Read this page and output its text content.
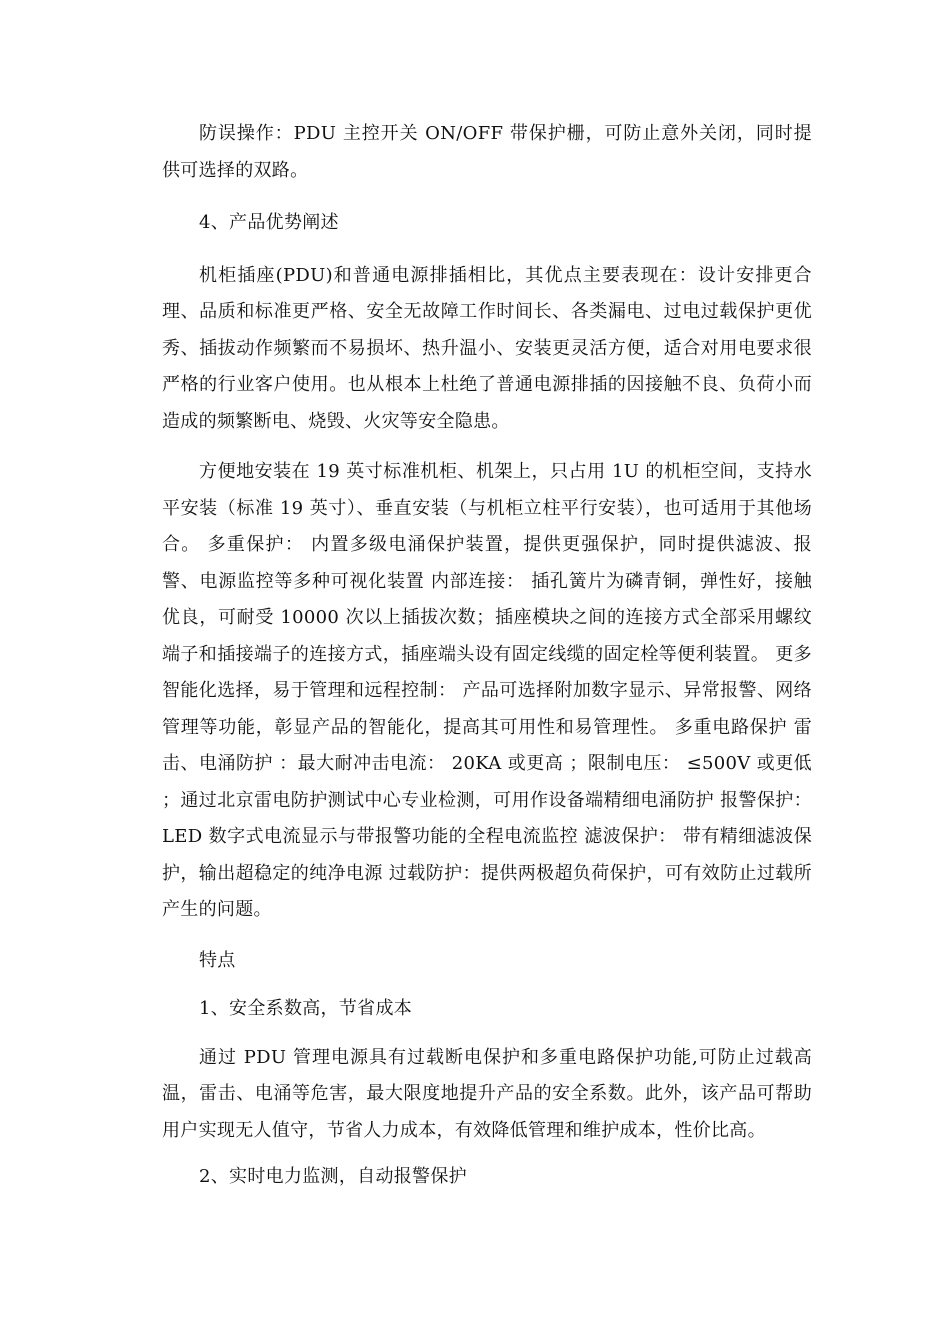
防误操作：PDU 主控开关 ON/OFF 带保护栅，可防止意外关闭，同时提供可选择的双路。

4、产品优势阐述

机柜插座(PDU)和普通电源排插相比，其优点主要表现在：设计安排更合理、品质和标准更严格、安全无故障工作时间长、各类漏电、过电过载保护更优秀、插拔动作频繁而不易损坏、热升温小、安装更灵活方便，适合对用电要求很严格的行业客户使用。也从根本上杜绝了普通电源排插的因接触不良、负荷小而造成的频繁断电、烧毁、火灾等安全隐患。

方便地安装在 19 英寸标准机柜、机架上，只占用 1U 的机柜空间，支持水平安装（标准 19 英寸）、垂直安装（与机柜立柱平行安装），也可适用于其他场合。 多重保护： 内置多级电涌保护装置，提供更强保护，同时提供滤波、报警、电源监控等多种可视化装置 内部连接： 插孔簧片为磷青铜，弹性好，接触优良，可耐受 10000 次以上插拔次数；插座模块之间的连接方式全部采用螺纹端子和插接端子的连接方式，插座端头设有固定线缆的固定栓等便利装置。 更多智能化选择，易于管理和远程控制： 产品可选择附加数字显示、异常报警、网络管理等功能，彰显产品的智能化，提高其可用性和易管理性。 多重电路保护 雷击、电涌防护 ：最大耐冲击电流： 20KA 或更高 ；限制电压： ≤500V 或更低 ；通过北京雷电防护测试中心专业检测，可用作设备端精细电涌防护 报警保护：LED 数字式电流显示与带报警功能的全程电流监控 滤波保护： 带有精细滤波保护，输出超稳定的纯净电源 过载防护：提供两极超负荷保护，可有效防止过载所产生的问题。

特点

1、安全系数高，节省成本

通过 PDU 管理电源具有过载断电保护和多重电路保护功能,可防止过载高温，雷击、电涌等危害，最大限度地提升产品的安全系数。此外，该产品可帮助用户实现无人值守，节省人力成本，有效降低管理和维护成本，性价比高。

2、实时电力监测，自动报警保护
